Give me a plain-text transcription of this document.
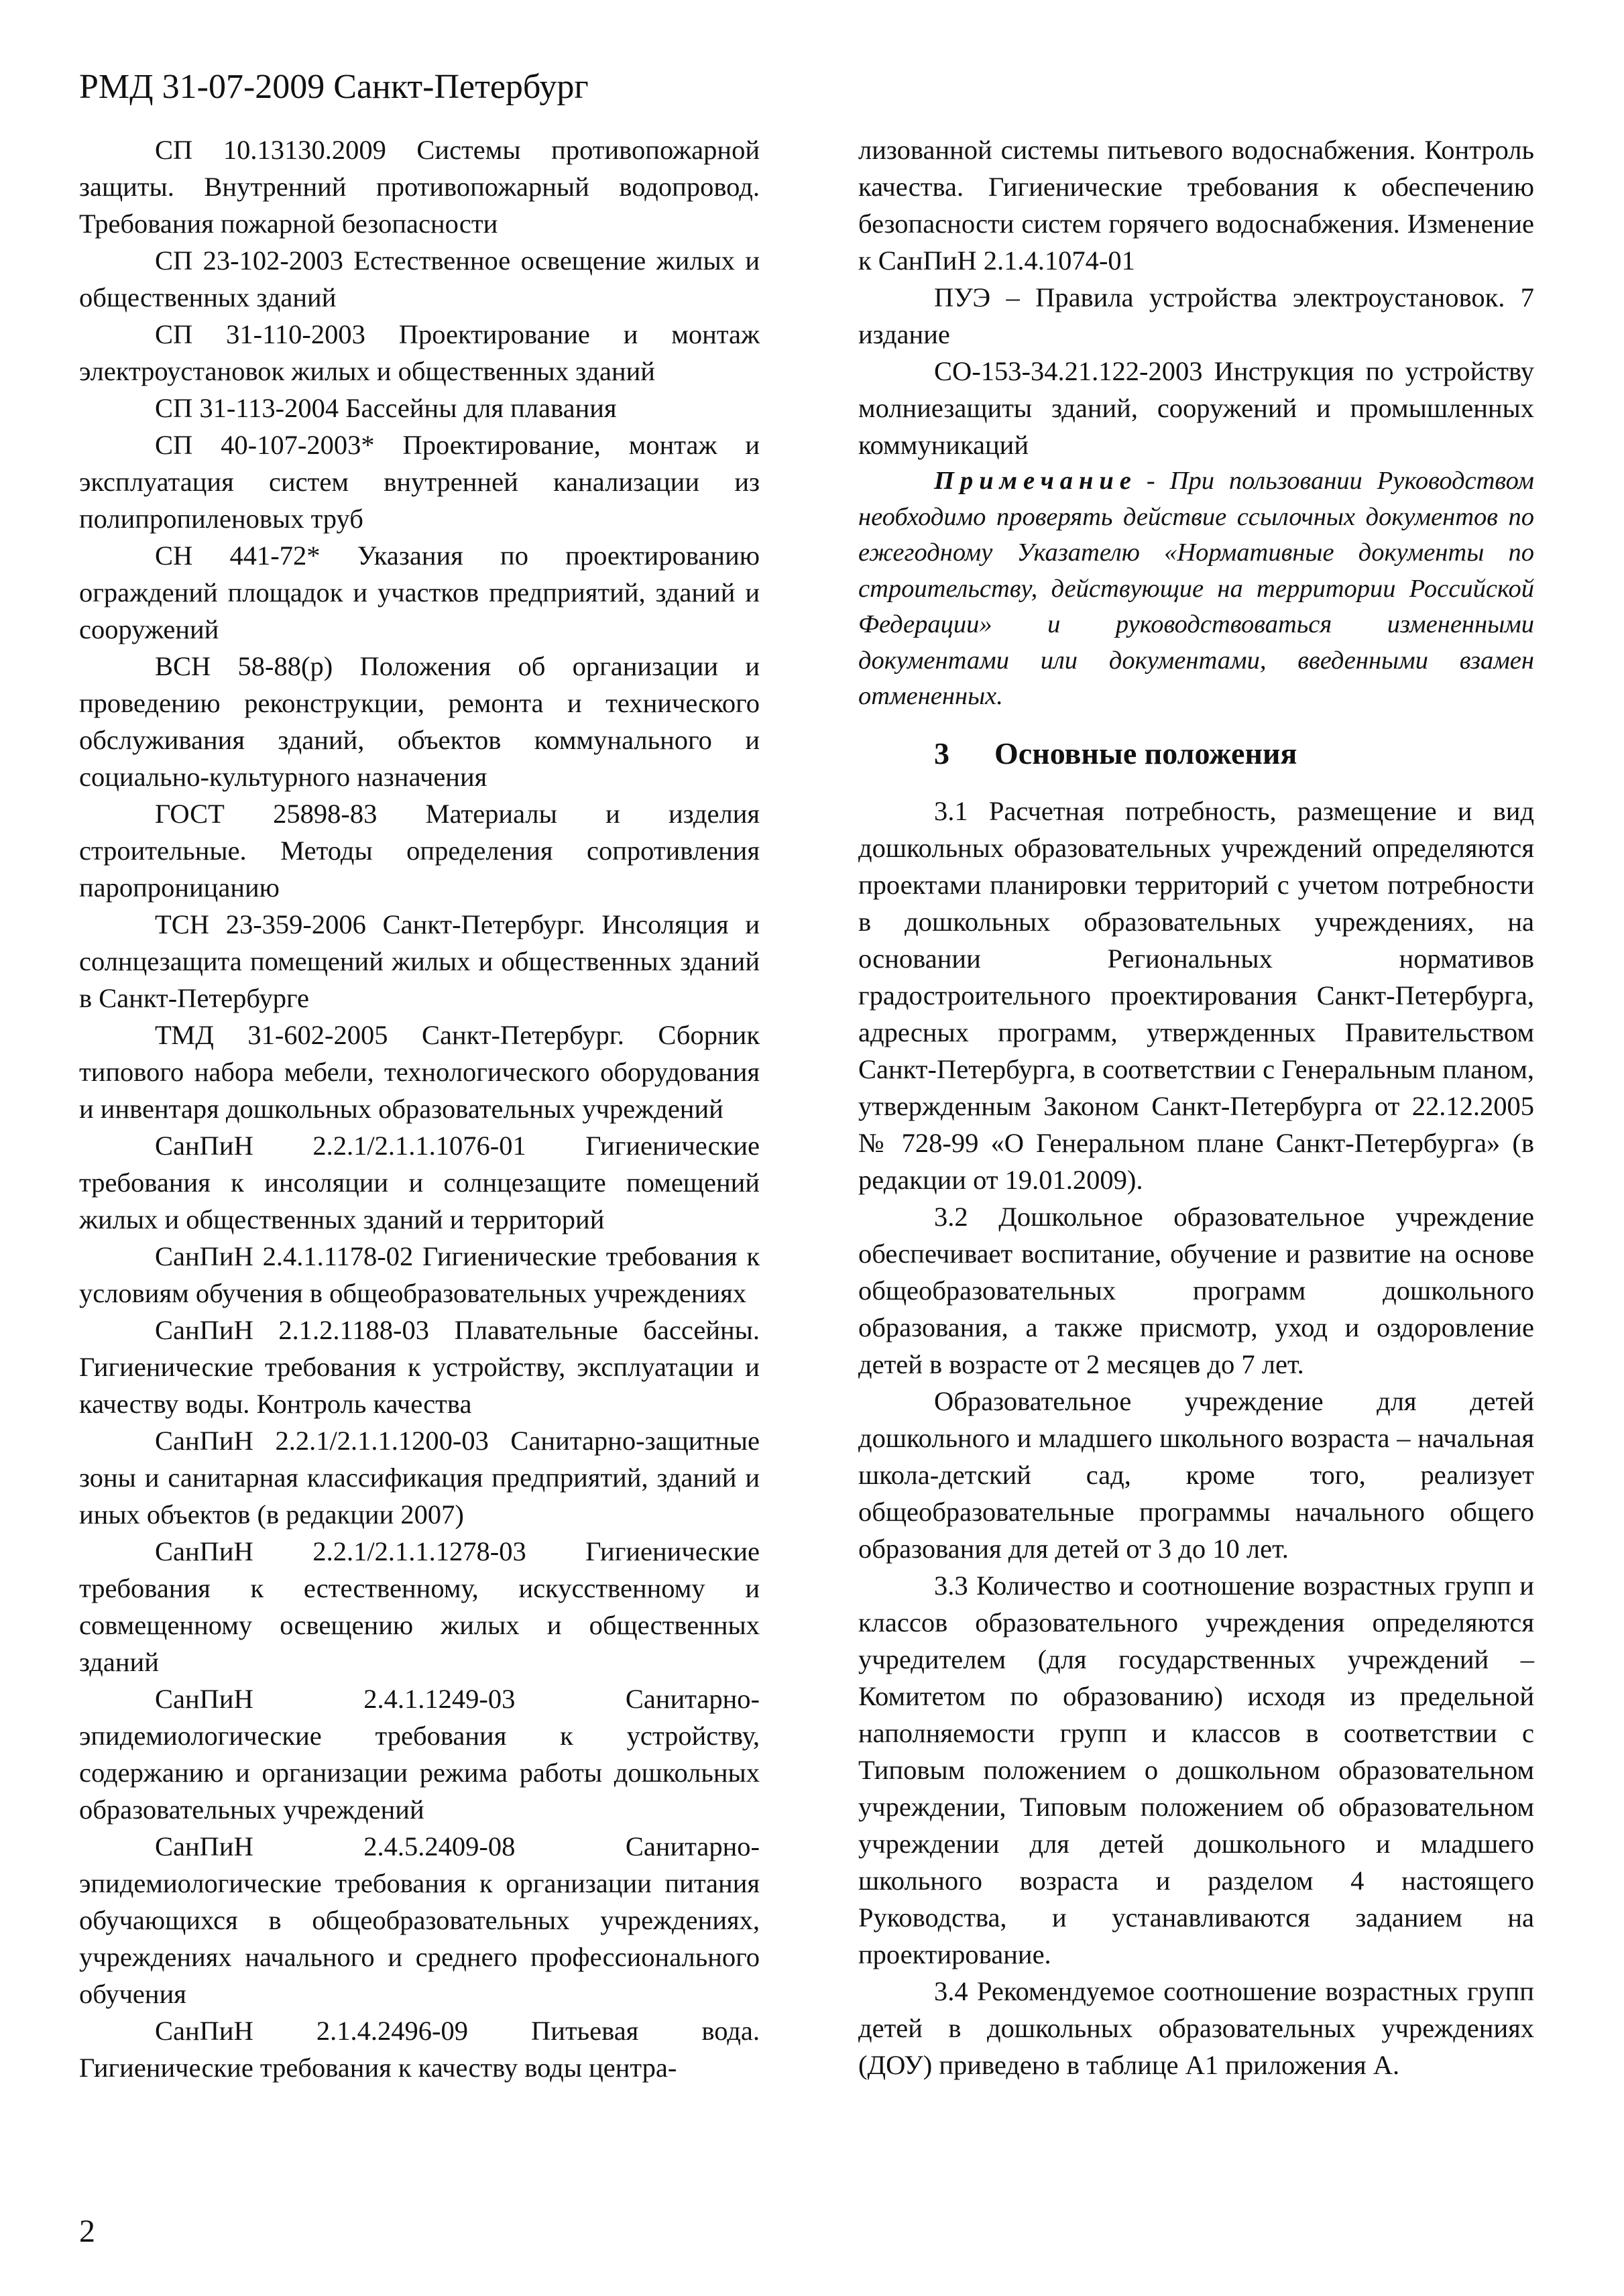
РМД 31-07-2009 Санкт-Петербург

СП 10.13130.2009 Системы противопожарной защиты. Внутренний противопожарный водопровод. Требования пожарной безопасности

СП 23-102-2003 Естественное освещение жилых и общественных зданий

СП 31-110-2003 Проектирование и монтаж электроустановок жилых и общественных зданий

СП 31-113-2004 Бассейны для плавания

СП 40-107-2003* Проектирование, монтаж и эксплуатация систем внутренней канализации из полипропиленовых труб

СН 441-72* Указания по проектированию ограждений площадок и участков предприятий, зданий и сооружений

ВСН 58-88(р) Положения об организации и проведению реконструкции, ремонта и технического обслуживания зданий, объектов коммунального и социально-культурного назначения

ГОСТ 25898-83 Материалы и изделия строительные. Методы определения сопротивления паропроницанию

ТСН 23-359-2006 Санкт-Петербург. Инсоляция и солнцезащита помещений жилых и общественных зданий в Санкт-Петербурге

ТМД 31-602-2005 Санкт-Петербург. Сборник типового набора мебели, технологического оборудования и инвентаря дошкольных образовательных учреждений

СанПиН 2.2.1/2.1.1.1076-01 Гигиенические требования к инсоляции и солнцезащите помещений жилых и общественных зданий и территорий

СанПиН 2.4.1.1178-02 Гигиенические требования к условиям обучения в общеобразовательных учреждениях

СанПиН 2.1.2.1188-03 Плавательные бассейны. Гигиенические требования к устройству, эксплуатации и качеству воды. Контроль качества

СанПиН 2.2.1/2.1.1.1200-03 Санитарно-защитные зоны и санитарная классификация предприятий, зданий и иных объектов (в редакции 2007)

СанПиН 2.2.1/2.1.1.1278-03 Гигиенические требования к естественному, искусственному и совмещенному освещению жилых и общественных зданий

СанПиН 2.4.1.1249-03 Санитарно-эпидемиологические требования к устройству, содержанию и организации режима работы дошкольных образовательных учреждений

СанПиН 2.4.5.2409-08 Санитарно-эпидемиологические требования к организации питания обучающихся в общеобразовательных учреждениях, учреждениях начального и среднего профессионального обучения

СанПиН 2.1.4.2496-09 Питьевая вода. Гигиенические требования к качеству воды центра-

лизованной системы питьевого водоснабжения. Контроль качества. Гигиенические требования к обеспечению безопасности систем горячего водоснабжения. Изменение к СанПиН 2.1.4.1074-01

ПУЭ – Правила устройства электроустановок. 7 издание

СО-153-34.21.122-2003 Инструкция по устройству молниезащиты зданий, сооружений и промышленных коммуникаций

Примечание - При пользовании Руководством необходимо проверять действие ссылочных документов по ежегодному Указателю «Нормативные документы по строительству, действующие на территории Российской Федерации» и руководствоваться измененными документами или документами, введенными взамен отмененных.

3 Основные положения

3.1 Расчетная потребность, размещение и вид дошкольных образовательных учреждений определяются проектами планировки территорий с учетом потребности в дошкольных образовательных учреждениях, на основании Региональных нормативов градостроительного проектирования Санкт-Петербурга, адресных программ, утвержденных Правительством Санкт-Петербурга, в соответствии с Генеральным планом, утвержденным Законом Санкт-Петербурга от 22.12.2005 № 728-99 «О Генеральном плане Санкт-Петербурга» (в редакции от 19.01.2009).

3.2 Дошкольное образовательное учреждение обеспечивает воспитание, обучение и развитие на основе общеобразовательных программ дошкольного образования, а также присмотр, уход и оздоровление детей в возрасте от 2 месяцев до 7 лет.

Образовательное учреждение для детей дошкольного и младшего школьного возраста – начальная школа-детский сад, кроме того, реализует общеобразовательные программы начального общего образования для детей от 3 до 10 лет.

3.3 Количество и соотношение возрастных групп и классов образовательного учреждения определяются учредителем (для государственных учреждений – Комитетом по образованию) исходя из предельной наполняемости групп и классов в соответствии с Типовым положением о дошкольном образовательном учреждении, Типовым положением об образовательном учреждении для детей дошкольного и младшего школьного возраста и разделом 4 настоящего Руководства, и устанавливаются заданием на проектирование.

3.4 Рекомендуемое соотношение возрастных групп детей в дошкольных образовательных учреждениях (ДОУ) приведено в таблице А1 приложения А.

2
